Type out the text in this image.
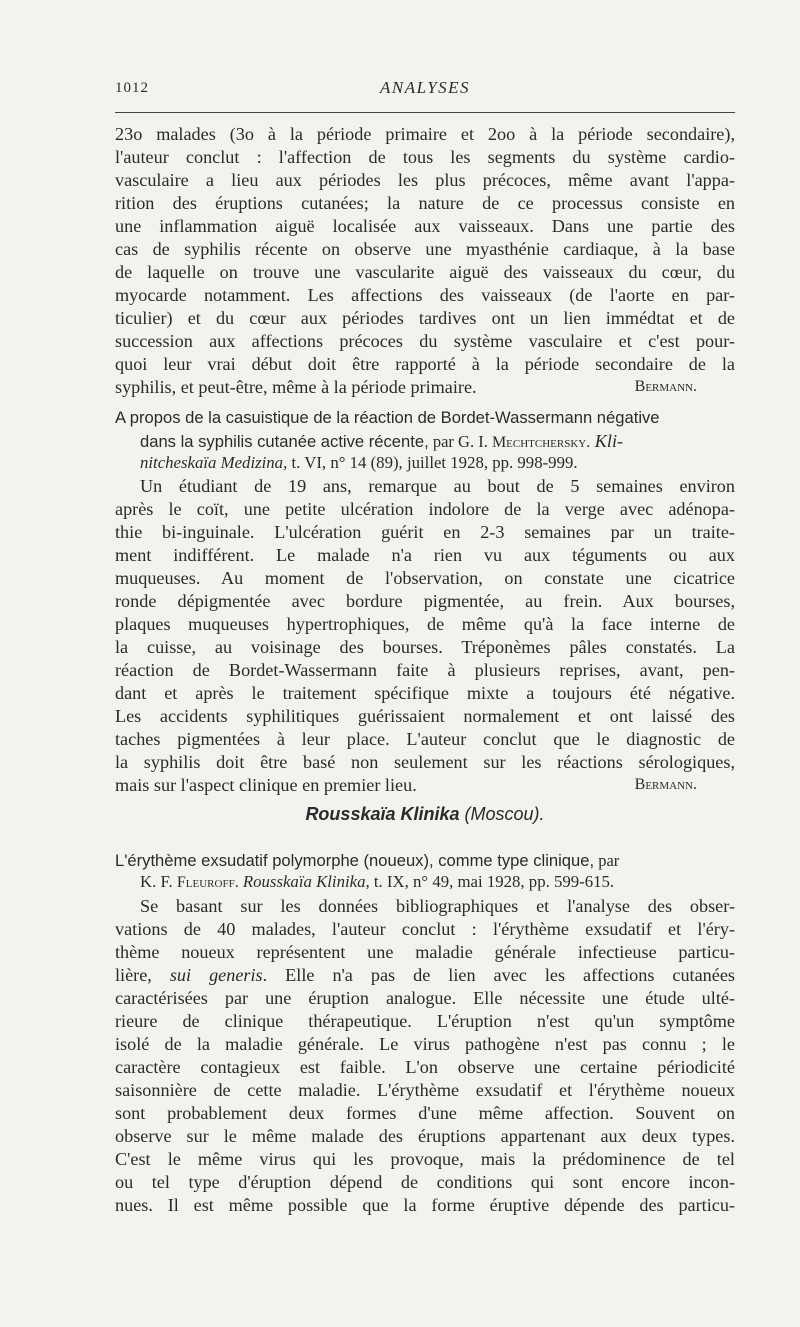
1012	ANALYSES
23o malades (3o à la période primaire et 2oo à la période secondaire),
l'auteur conclut : l'affection de tous les segments du système cardio-
vasculaire a lieu aux périodes les plus précoces, même avant l'appa-
rition des éruptions cutanées; la nature de ce processus consiste en
une inflammation aiguë localisée aux vaisseaux. Dans une partie des
cas de syphilis récente on observe une myasthénie cardiaque, à la base
de laquelle on trouve une vascularite aiguë des vaisseaux du cœur, du
myocarde notamment. Les affections des vaisseaux (de l'aorte en par-
ticulier) et du cœur aux périodes tardives ont un lien immédtat et de
succession aux affections précoces du système vasculaire et c'est pour-
quoi leur vrai début doit être rapporté à la période secondaire de la
syphilis, et peut-être, même à la période primaire.	Bermann.
A propos de la casuistique de la réaction de Bordet-Wassermann négative
dans la syphilis cutanée active récente, par G. I. Mechtchersky. Kli-
nitcheskaïa Medizina, t. VI, n° 14 (89), juillet 1928, pp. 998-999.
Un étudiant de 19 ans, remarque au bout de 5 semaines environ
après le coït, une petite ulcération indolore de la verge avec adénopa-
thie bi-inguinale. L'ulcération guérit en 2-3 semaines par un traite-
ment indifférent. Le malade n'a rien vu aux téguments ou aux
muqueuses. Au moment de l'observation, on constate une cicatrice
ronde dépigmentée avec bordure pigmentée, au frein. Aux bourses,
plaques muqueuses hypertrophiques, de même qu'à la face interne de
la cuisse, au voisinage des bourses. Tréponèmes pâles constatés. La
réaction de Bordet-Wassermann faite à plusieurs reprises, avant, pen-
dant et après le traitement spécifique mixte a toujours été négative.
Les accidents syphilitiques guérissaient normalement et ont laissé des
taches pigmentées à leur place. L'auteur conclut que le diagnostic de
la syphilis doit être basé non seulement sur les réactions sérologiques,
mais sur l'aspect clinique en premier lieu.	Bermann.
Rousskaïa Klinika (Moscou).
L'érythème exsudatif polymorphe (noueux), comme type clinique, par
K. F. Fleuroff. Rousskaïa Klinika, t. IX, n° 49, mai 1928, pp. 599-615.
Se basant sur les données bibliographiques et l'analyse des obser-
vations de 40 malades, l'auteur conclut : l'érythème exsudatif et l'éry-
thème noueux représentent une maladie générale infectieuse particu-
lière, sui generis. Elle n'a pas de lien avec les affections cutanées
caractérisées par une éruption analogue. Elle nécessite une étude ulté-
rieure de clinique thérapeutique. L'éruption n'est qu'un symptôme
isolé de la maladie générale. Le virus pathogène n'est pas connu ; le
caractère contagieux est faible. L'on observe une certaine périodicité
saisonnière de cette maladie. L'érythème exsudatif et l'érythème noueux
sont probablement deux formes d'une même affection. Souvent on
observe sur le même malade des éruptions appartenant aux deux types.
C'est le même virus qui les provoque, mais la prédominence de tel
ou tel type d'éruption dépend de conditions qui sont encore incon-
nues. Il est même possible que la forme éruptive dépende des particu-
